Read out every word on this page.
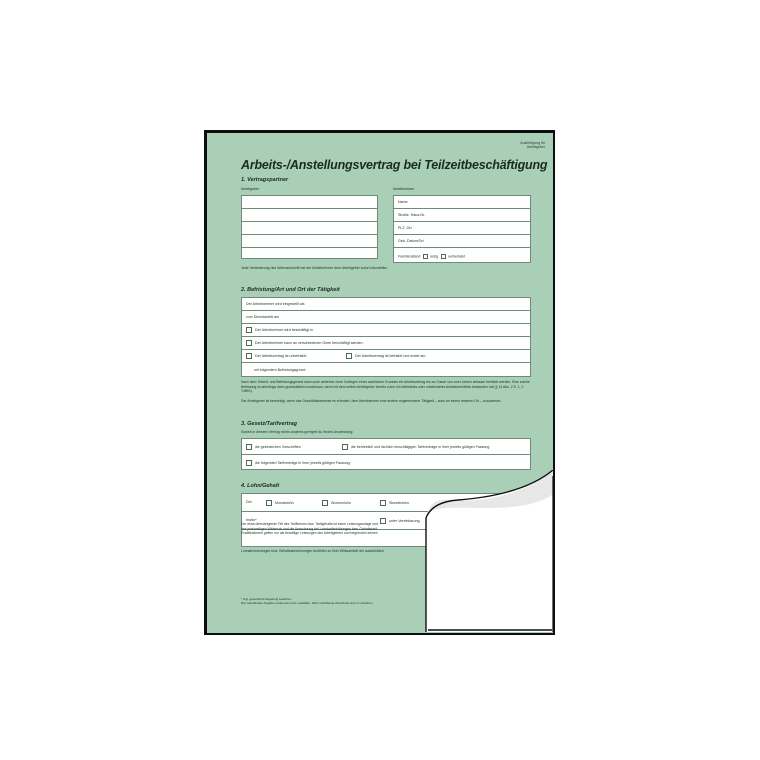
Ausfertigung für Arbeitgeber
Arbeits-/Anstellungsvertrag bei Teilzeitbeschäftigung
1. Vertragspartner
Arbeitgeber	Arbeitnehmer
Name
Straße, Haus-Nr.
PLZ, Ort
Geb.-Datum/Ort
Familienstand	ledig	verheiratet
Jede Veränderung des Wohnanschrift hat der Arbeitnehmer dem Arbeitgeber sofort mitzuteilen.
2. Befristung/Art und Ort der Tätigkeit
Der Arbeitnehmer wird eingestellt als
zum Dienstantritt am
Der Arbeitnehmer wird beschäftigt in
Der Arbeitnehmer kann an verschiedenen Orten beschäftigt werden.
Der Arbeitsvertrag ist unbefristet.	Der Arbeitsvertrag ist befristet und endet am
mit folgendem Befristungsgrund:
Nach dem Teilzeit- und Befristungsgesetz kann auch weiterhin ohne Vorliegen eines sachlichen Grundes ein Arbeitsvertrag bis zur Dauer von zwei Jahren wirksam befristet werden. Eine solche Befristung ist allerdings dann grundsätzlich unwirksam, wenn mit dem selben Arbeitgeber bereits zuvor ein befristetes oder unbefristetes Arbeitsverhältnis bestanden hat (§ 14 Abs. 2 S. 1, 2 TzBfG).
Der Arbeitgeber ist berechtigt, wenn das Geschäftsinteresse es erfordert, dem Arbeitnehmer eine andere angemessene Tätigkeit – auch an einem anderen Ort – zuzuweisen.
3. Gesetz/Tarifvertrag
Soweit in diesem Vertrag nichts anderes geregelt ist, finden Anwendung:
die gesetzlichen Vorschriften	die betrieblich und fachlich einschlägigen Tarifverträge in ihrer jeweils gültigen Fassung
die folgenden Tarifverträge in ihrer jeweils gültigen Fassung:
4. Lohn/Gehalt
Der	Monatslohn	Wochenlohn	Stundenlohn
brutto*	unter Vereinbarung
Der etwa übersteigende Teil des Tariflohnes bzw. Tarifgehalts ist keine Leistungszulage und
des jederzeitigen Widerrufs und die Anrechnung bei Lohntariferhöhungen bzw. Gehaltstarif
Gratifikationen gelten nur als freiwillige Leistungen des Arbeitgebers und begründen keinen
Lohnabrechnungen bzw. Gehaltsabrechnungen bedürfen zu ihrer Wirksamkeit der ausdrücklich
* Ggf. gesetzliche Regelung beachten
Die zutreffenden Angaben ankreuzen bzw. ausfüllen. Nicht zutreffende Abschnitte sind zu streichen.
